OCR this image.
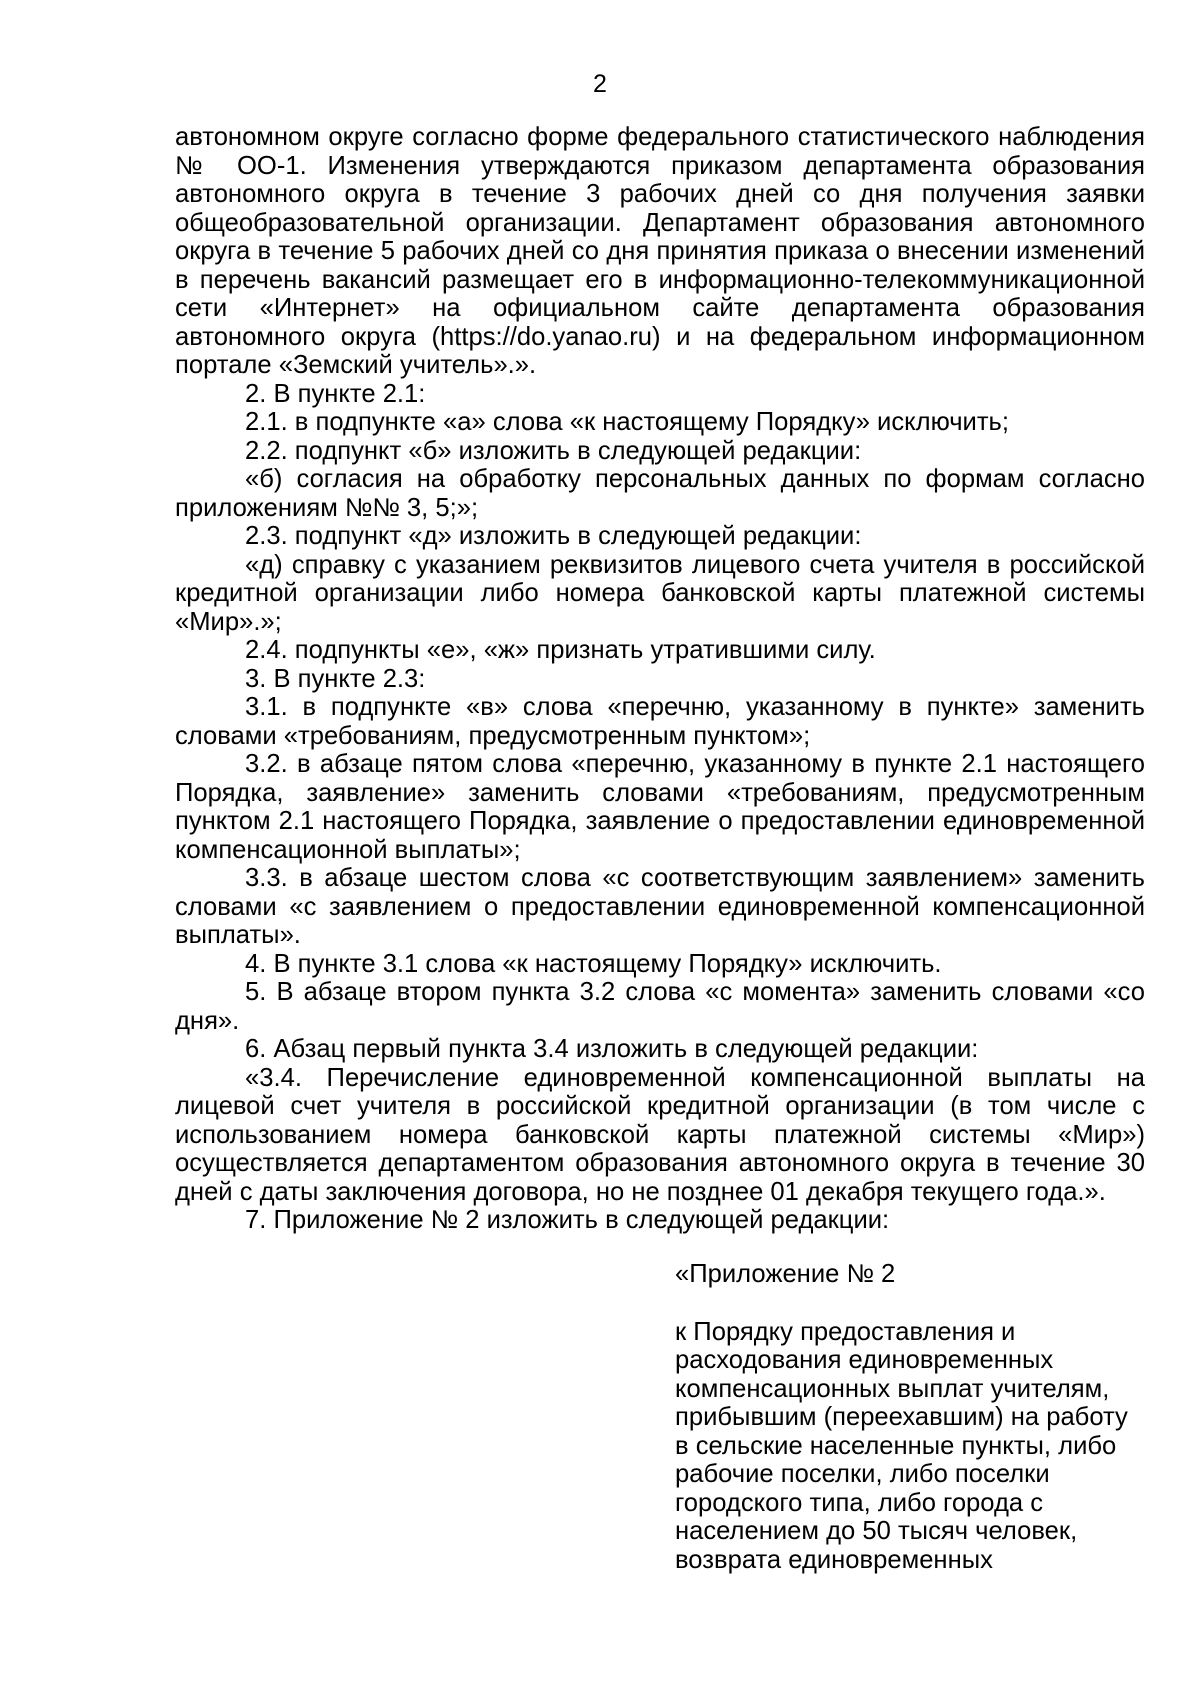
2

автономном округе согласно форме федерального статистического наблюдения № ОО-1. Изменения утверждаются приказом департамента образования автономного округа в течение 3 рабочих дней со дня получения заявки общеобразовательной организации. Департамент образования автономного округа в течение 5 рабочих дней со дня принятия приказа о внесении изменений в перечень вакансий размещает его в информационно-телекоммуникационной сети «Интернет» на официальном сайте департамента образования автономного округа (https://do.yanao.ru) и на федеральном информационном портале «Земский учитель».».

2. В пункте 2.1:

2.1. в подпункте «а» слова «к настоящему Порядку» исключить;

2.2. подпункт «б» изложить в следующей редакции:

«б) согласия на обработку персональных данных по формам согласно приложениям №№ 3, 5;»;

2.3. подпункт «д» изложить в следующей редакции:

«д) справку с указанием реквизитов лицевого счета учителя в российской кредитной организации либо номера банковской карты платежной системы «Мир».»;

2.4. подпункты «е», «ж» признать утратившими силу.

3. В пункте 2.3:

3.1. в подпункте «в» слова «перечню, указанному в пункте» заменить словами «требованиям, предусмотренным пунктом»;

3.2. в абзаце пятом слова «перечню, указанному в пункте 2.1 настоящего Порядка, заявление» заменить словами «требованиям, предусмотренным пунктом 2.1 настоящего Порядка, заявление о предоставлении единовременной компенсационной выплаты»;

3.3. в абзаце шестом слова «с соответствующим заявлением» заменить словами «с заявлением о предоставлении единовременной компенсационной выплаты».

4. В пункте 3.1 слова «к настоящему Порядку» исключить.

5. В абзаце втором пункта 3.2 слова «с момента» заменить словами «со дня».

6. Абзац первый пункта 3.4 изложить в следующей редакции:

«3.4. Перечисление единовременной компенсационной выплаты на лицевой счет учителя в российской кредитной организации (в том числе с использованием номера банковской карты платежной системы «Мир») осуществляется департаментом образования автономного округа в течение 30 дней с даты заключения договора, но не позднее 01 декабря текущего года.».

7. Приложение № 2 изложить в следующей редакции:

«Приложение № 2

к Порядку предоставления и

расходования единовременных

компенсационных выплат учителям,

прибывшим (переехавшим) на работу

в сельские населенные пункты, либо

рабочие поселки, либо поселки

городского типа, либо города с

населением до 50 тысяч человек,

возврата единовременных
